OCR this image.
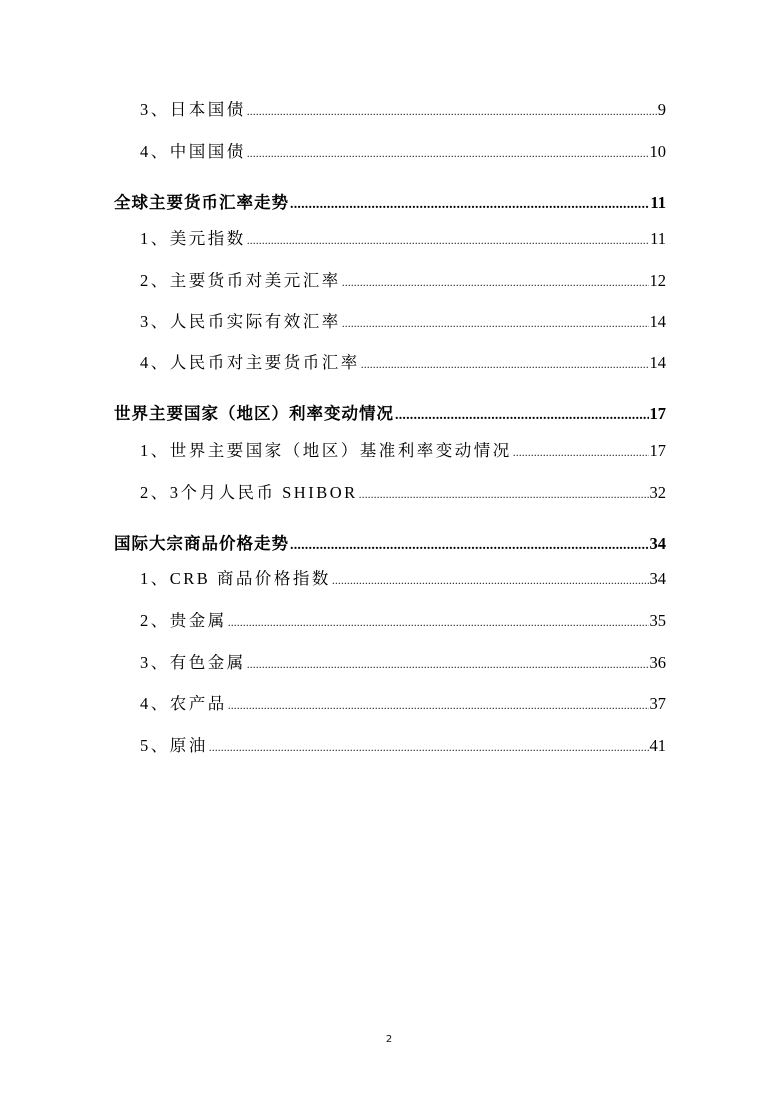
3、日本国债 .....	9
4、中国国债 .....	10
全球主要货币汇率走势 .....	11
1、美元指数 .....	11
2、主要货币对美元汇率 .....	12
3、人民币实际有效汇率 .....	14
4、人民币对主要货币汇率 .....	14
世界主要国家（地区）利率变动情况 .....	17
1、世界主要国家（地区）基准利率变动情况 .....	17
2、3个月人民币 SHIBOR .....	32
国际大宗商品价格走势 .....	34
1、CRB 商品价格指数 .....	34
2、贵金属 .....	35
3、有色金属 .....	36
4、农产品 .....	37
5、原油 .....	41
2
